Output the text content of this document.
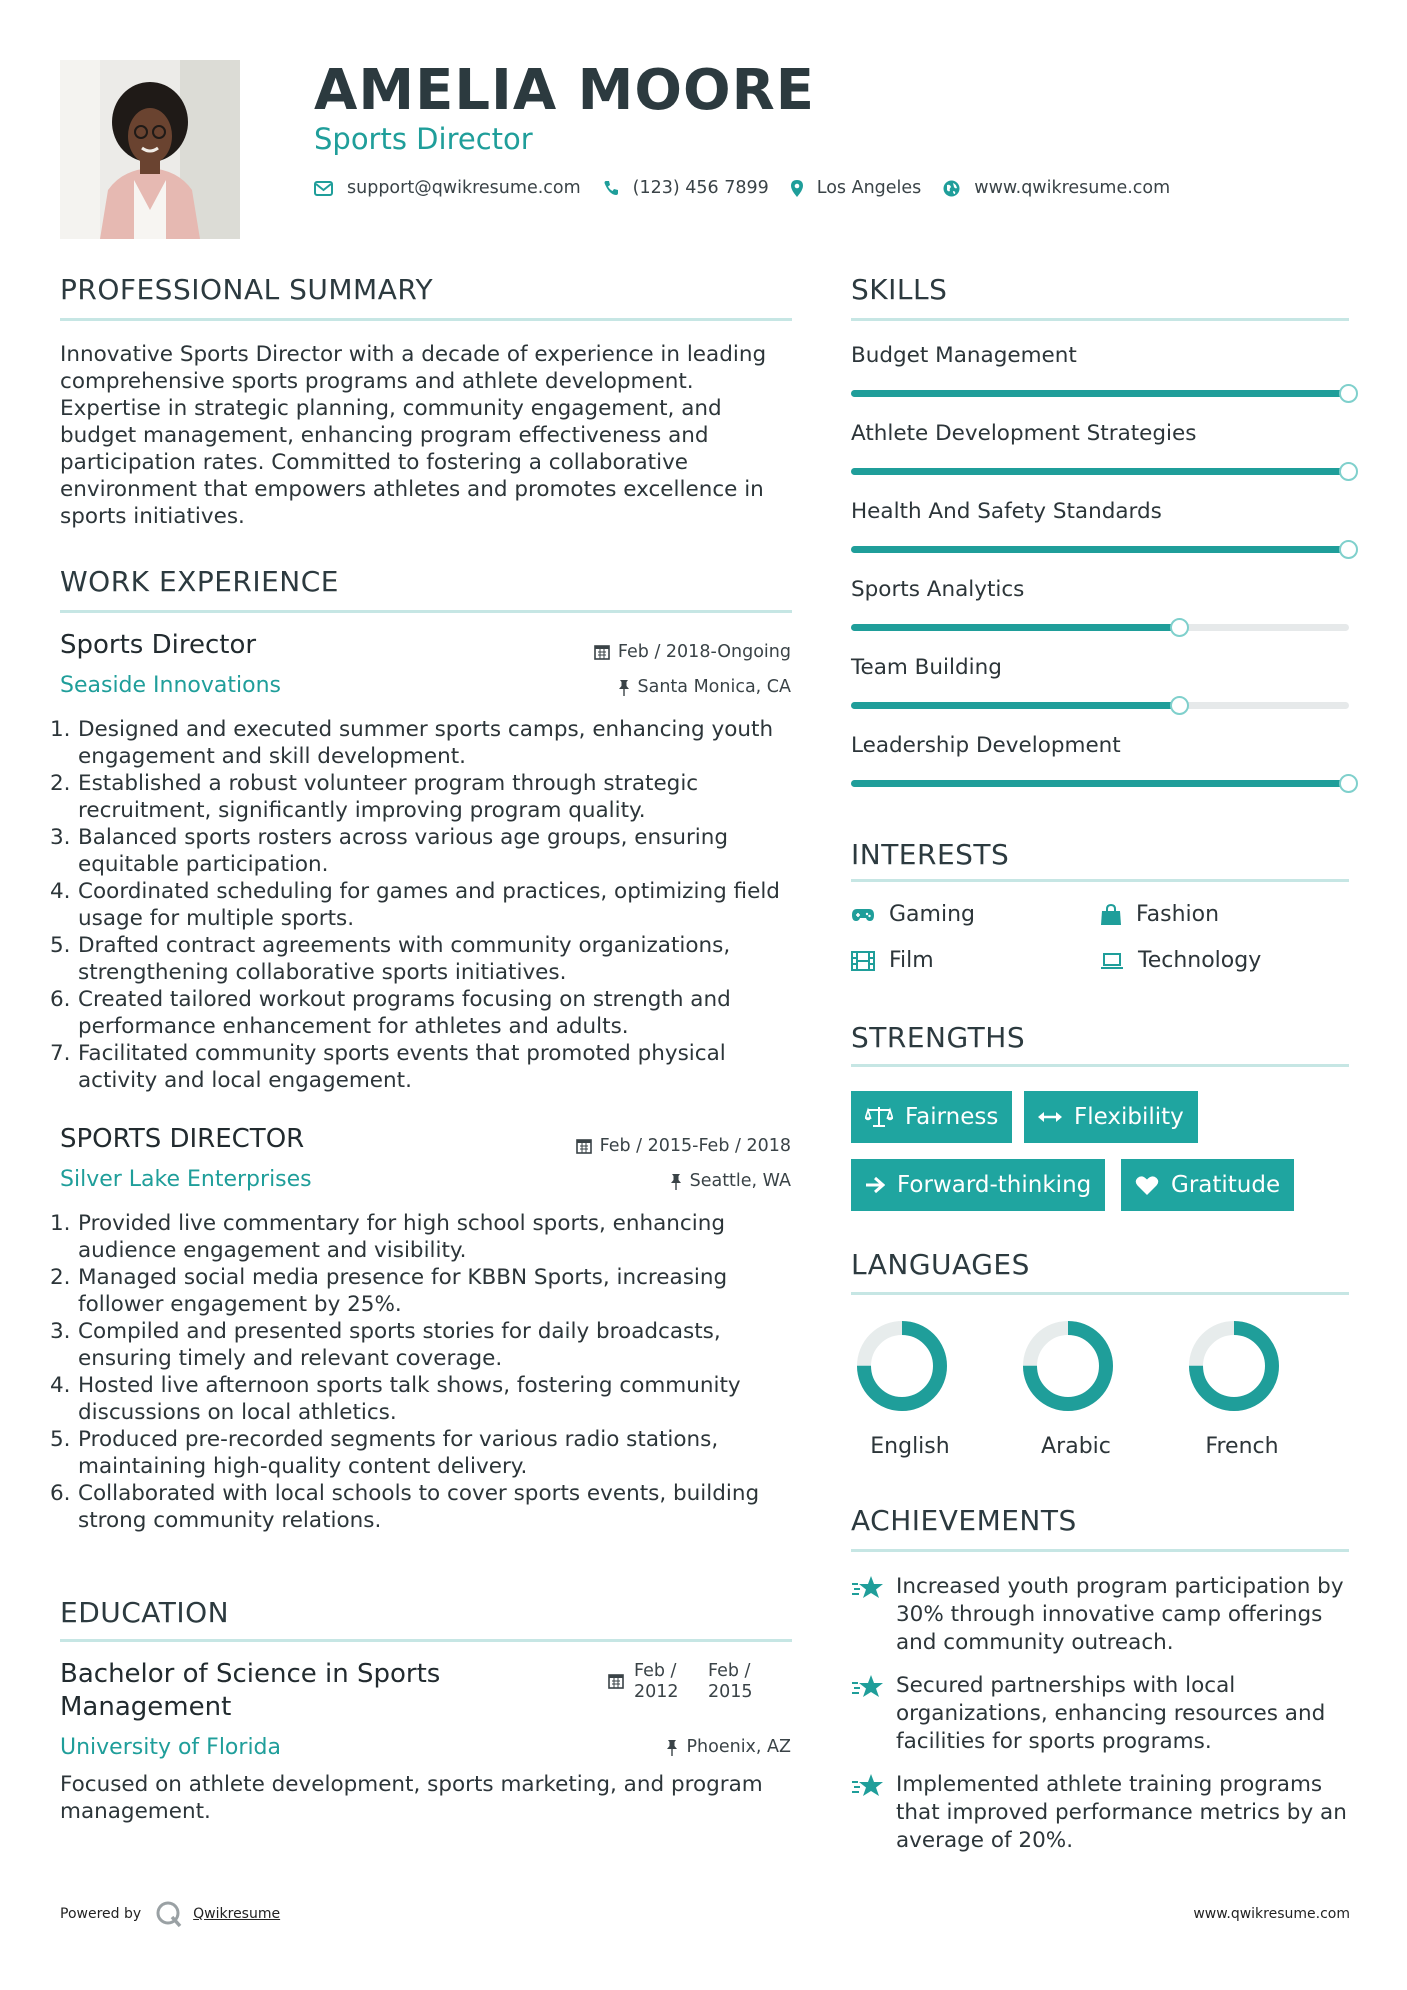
AMELIA MOORE
Sports Director
support@qwikresume.com	(123) 456 7899	Los Angeles	www.qwikresume.com
PROFESSIONAL SUMMARY
Innovative Sports Director with a decade of experience in leading comprehensive sports programs and athlete development. Expertise in strategic planning, community engagement, and budget management, enhancing program effectiveness and participation rates. Committed to fostering a collaborative environment that empowers athletes and promotes excellence in sports initiatives.
WORK EXPERIENCE
Sports Director	Feb / 2018-Ongoing
Seaside Innovations	Santa Monica, CA
1. Designed and executed summer sports camps, enhancing youth engagement and skill development.
2. Established a robust volunteer program through strategic recruitment, significantly improving program quality.
3. Balanced sports rosters across various age groups, ensuring equitable participation.
4. Coordinated scheduling for games and practices, optimizing field usage for multiple sports.
5. Drafted contract agreements with community organizations, strengthening collaborative sports initiatives.
6. Created tailored workout programs focusing on strength and performance enhancement for athletes and adults.
7. Facilitated community sports events that promoted physical activity and local engagement.
SPORTS DIRECTOR	Feb / 2015-Feb / 2018
Silver Lake Enterprises	Seattle, WA
1. Provided live commentary for high school sports, enhancing audience engagement and visibility.
2. Managed social media presence for KBBN Sports, increasing follower engagement by 25%.
3. Compiled and presented sports stories for daily broadcasts, ensuring timely and relevant coverage.
4. Hosted live afternoon sports talk shows, fostering community discussions on local athletics.
5. Produced pre-recorded segments for various radio stations, maintaining high-quality content delivery.
6. Collaborated with local schools to cover sports events, building strong community relations.
EDUCATION
Bachelor of Science in Sports Management
Feb /
2012
Feb /
2015
University of Florida	Phoenix, AZ
Focused on athlete development, sports marketing, and program management.
SKILLS
Budget Management
Athlete Development Strategies
Health And Safety Standards
Sports Analytics
Team Building
Leadership Development
INTERESTS
Gaming	Fashion
Film	Technology
STRENGTHS
Fairness	Flexibility
Forward-thinking	Gratitude
LANGUAGES
English	Arabic	French
ACHIEVEMENTS
Increased youth program participation by 30% through innovative camp offerings and community outreach.
Secured partnerships with local organizations, enhancing resources and facilities for sports programs.
Implemented athlete training programs that improved performance metrics by an average of 20%.
Powered by	Qwikresume	www.qwikresume.com
